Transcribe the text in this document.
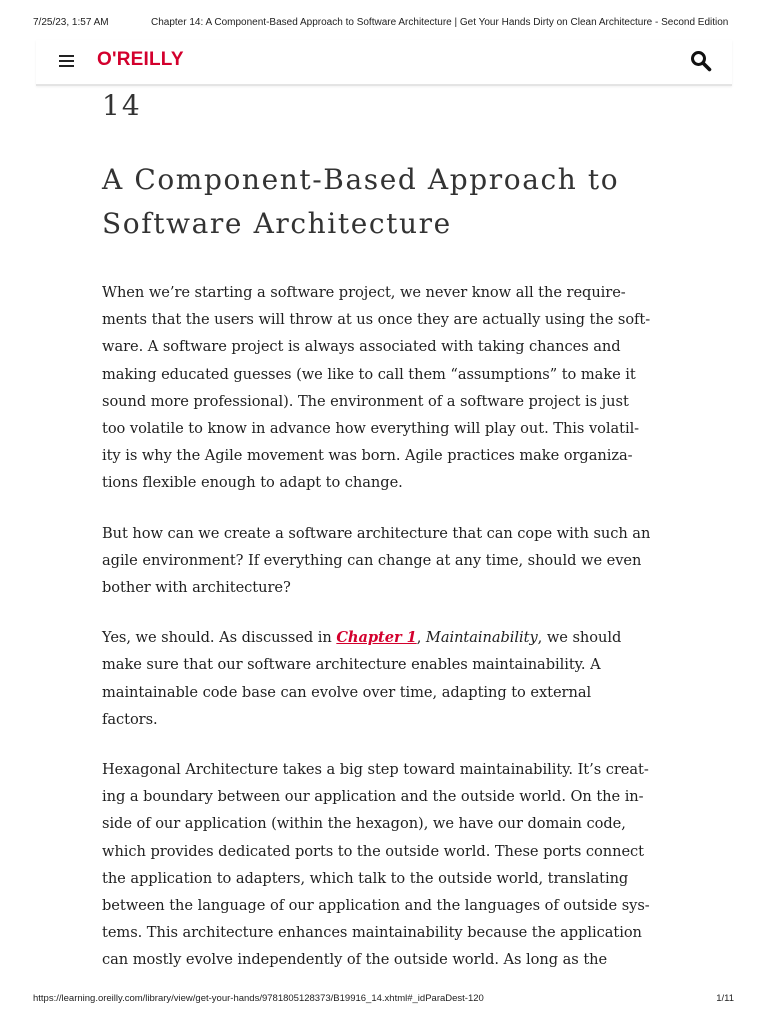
7/25/23, 1:57 AM	Chapter 14: A Component-Based Approach to Software Architecture | Get Your Hands Dirty on Clean Architecture - Second Edition
O'REILLY
14
A Component-Based Approach to
Software Architecture

When we’re starting a software project, we never know all the require-
ments that the users will throw at us once they are actually using the soft-
ware. A software project is always associated with taking chances and
making educated guesses (we like to call them “assumptions” to make it
sound more professional). The environment of a software project is just
too volatile to know in advance how everything will play out. This volatil-
ity is why the Agile movement was born. Agile practices make organiza-
tions flexible enough to adapt to change.

But how can we create a software architecture that can cope with such an
agile environment? If everything can change at any time, should we even
bother with architecture?

Yes, we should. As discussed in Chapter 1, Maintainability, we should
make sure that our software architecture enables maintainability. A
maintainable code base can evolve over time, adapting to external
factors.

Hexagonal Architecture takes a big step toward maintainability. It’s creat-
ing a boundary between our application and the outside world. On the in-
side of our application (within the hexagon), we have our domain code,
which provides dedicated ports to the outside world. These ports connect
the application to adapters, which talk to the outside world, translating
between the language of our application and the languages of outside sys-
tems. This architecture enhances maintainability because the application
can mostly evolve independently of the outside world. As long as the

https://learning.oreilly.com/library/view/get-your-hands/9781805128373/B19916_14.xhtml#_idParaDest-120	1/11
